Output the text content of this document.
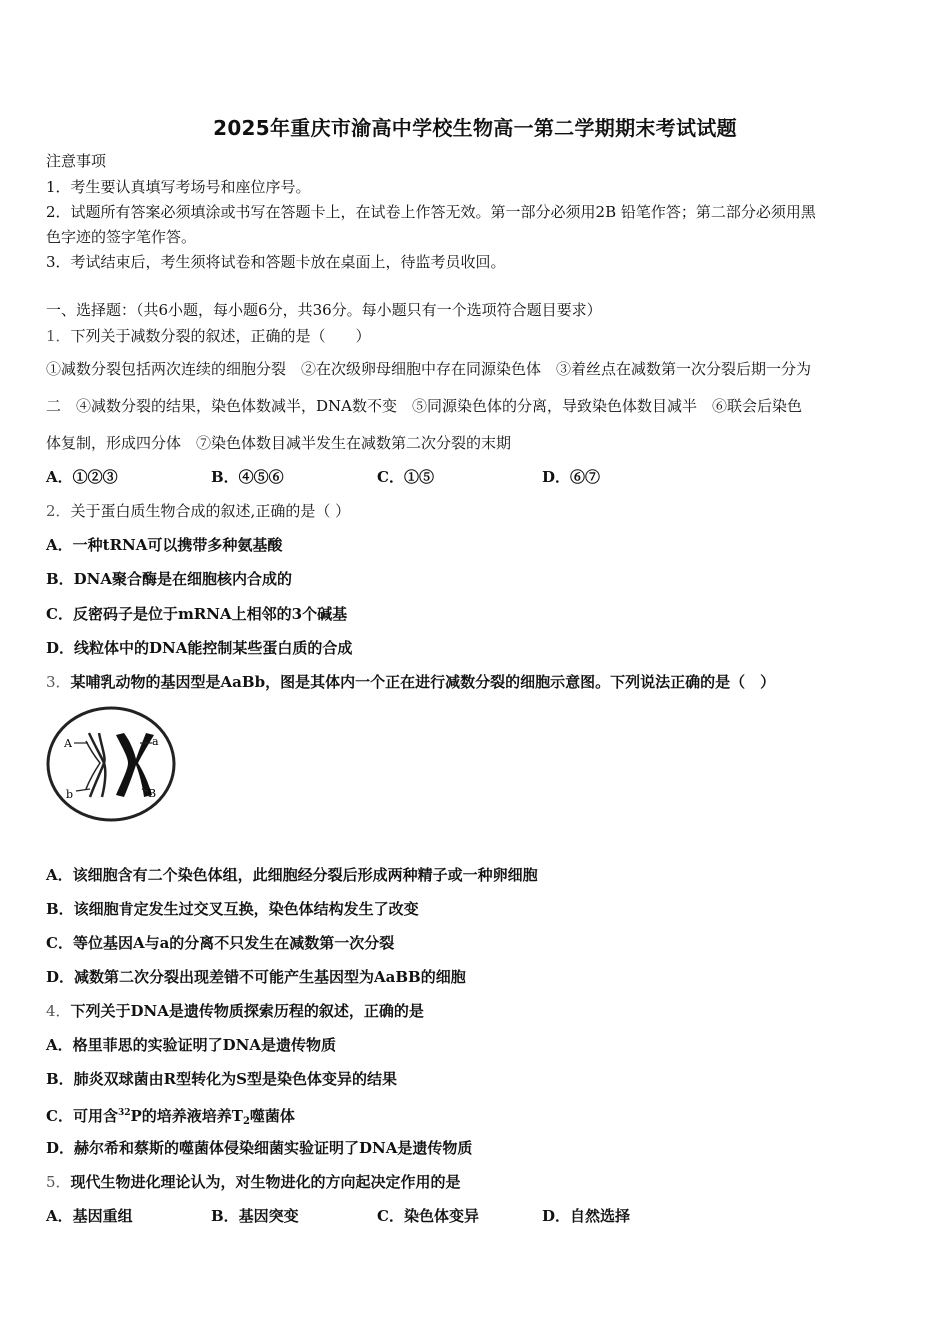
2025年重庆市渝高中学校生物高一第二学期期末考试试题
注意事项
1．考生要认真填写考场号和座位序号。
2．试题所有答案必须填涂或书写在答题卡上，在试卷上作答无效。第一部分必须用2B 铅笔作答；第二部分必须用黑
色字迹的签字笔作答。
3．考试结束后，考生须将试卷和答题卡放在桌面上，待监考员收回。
一、选择题：（共6小题，每小题6分，共36分。每小题只有一个选项符合题目要求）
1．下列关于减数分裂的叙述，正确的是（　　）
①减数分裂包括两次连续的细胞分裂　②在次级卵母细胞中存在同源染色体　③着丝点在减数第一次分裂后期一分为
二　④减数分裂的结果，染色体数减半，DNA数不变　⑤同源染色体的分离，导致染色体数目减半　⑥联会后染色
体复制，形成四分体　⑦染色体数目减半发生在减数第二次分裂的末期
A．①②③	B．④⑤⑥	C．①⑤	D．⑥⑦
2．关于蛋白质生物合成的叙述,正确的是（ ）
A．一种tRNA可以携带多种氨基酸
B．DNA聚合酶是在细胞核内合成的
C．反密码子是位于mRNA上相邻的3个碱基
D．线粒体中的DNA能控制某些蛋白质的合成
3．某哺乳动物的基因型是AaBb，图是其体内一个正在进行减数分裂的细胞示意图。下列说法正确的是（　）
A	a
b	B
A．该细胞含有二个染色体组，此细胞经分裂后形成两种精子或一种卵细胞
B．该细胞肯定发生过交叉互换，染色体结构发生了改变
C．等位基因A与a的分离不只发生在减数第一次分裂
D．减数第二次分裂出现差错不可能产生基因型为AaBB的细胞
4．下列关于DNA是遗传物质探索历程的叙述，正确的是
A．格里菲思的实验证明了DNA是遗传物质
B．肺炎双球菌由R型转化为S型是染色体变异的结果
C．可用含$^{32}$P的培养液培养$T_2$噬菌体
D．赫尔希和蔡斯的噬菌体侵染细菌实验证明了DNA是遗传物质
5．现代生物进化理论认为，对生物进化的方向起决定作用的是
A．基因重组	B．基因突变	C．染色体变异	D．自然选择
